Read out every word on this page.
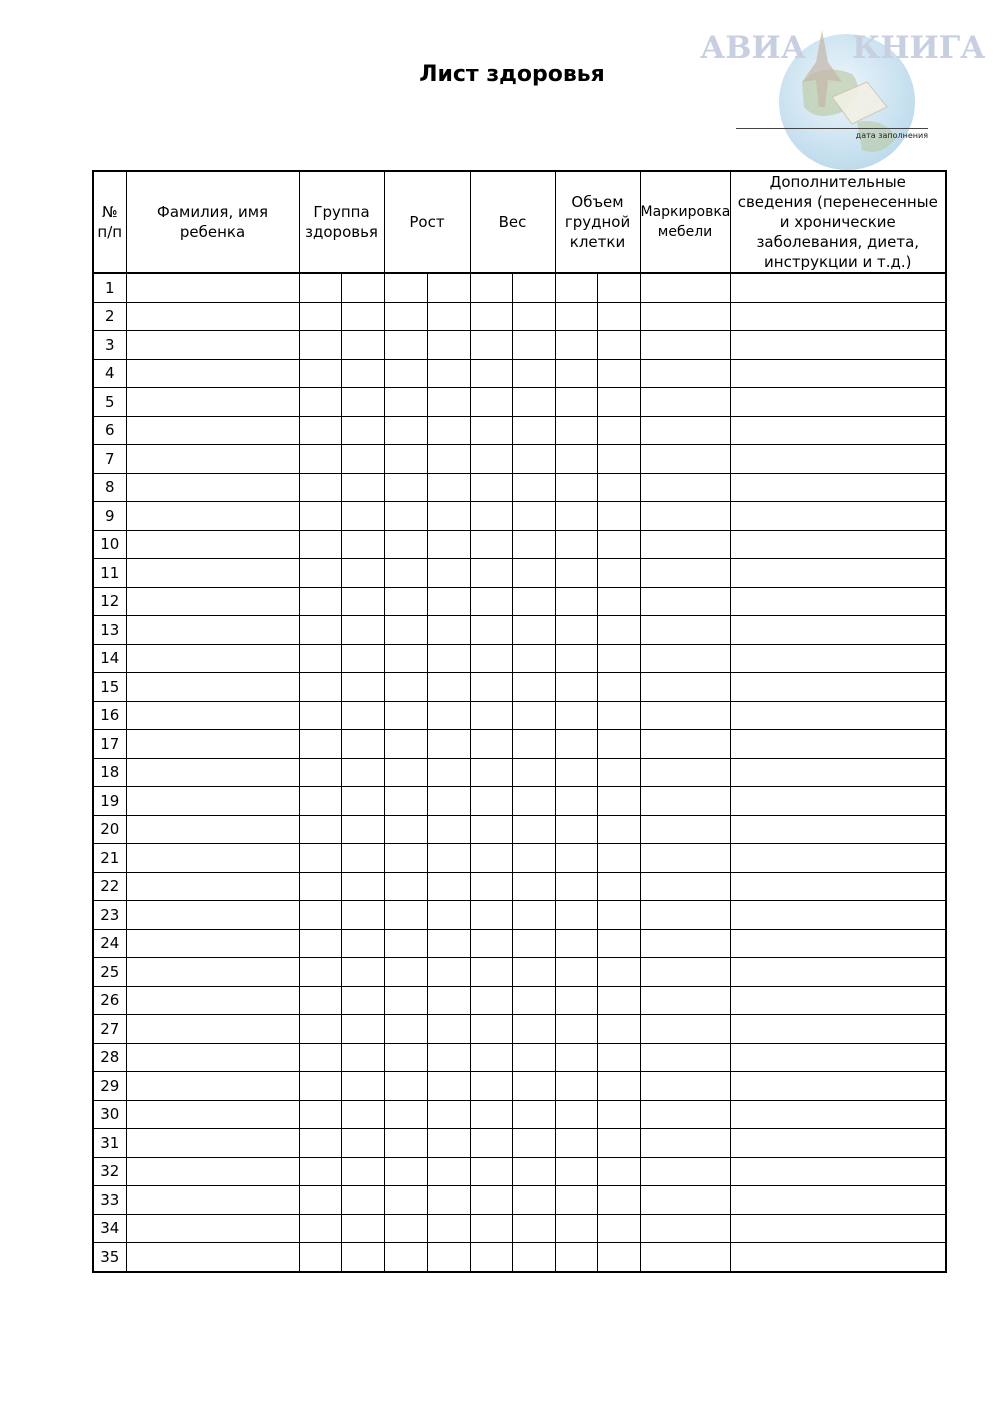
Лист здоровья
АВИА КНИГА
дата заполнения
№ п/п	Фамилия, имя ребенка	Группа здоровья		Рост		Вес		Объем грудной клетки		Маркировка мебели	Дополнительные сведения (перенесенные и хронические заболевания, диета, инструкции и т.д.)
1											
2											
3											
4											
5											
6											
7											
8											
9											
10											
11											
12											
13											
14											
15											
16											
17											
18											
19											
20											
21											
22											
23											
24											
25											
26											
27											
28											
29											
30											
31											
32											
33											
34											
35											
